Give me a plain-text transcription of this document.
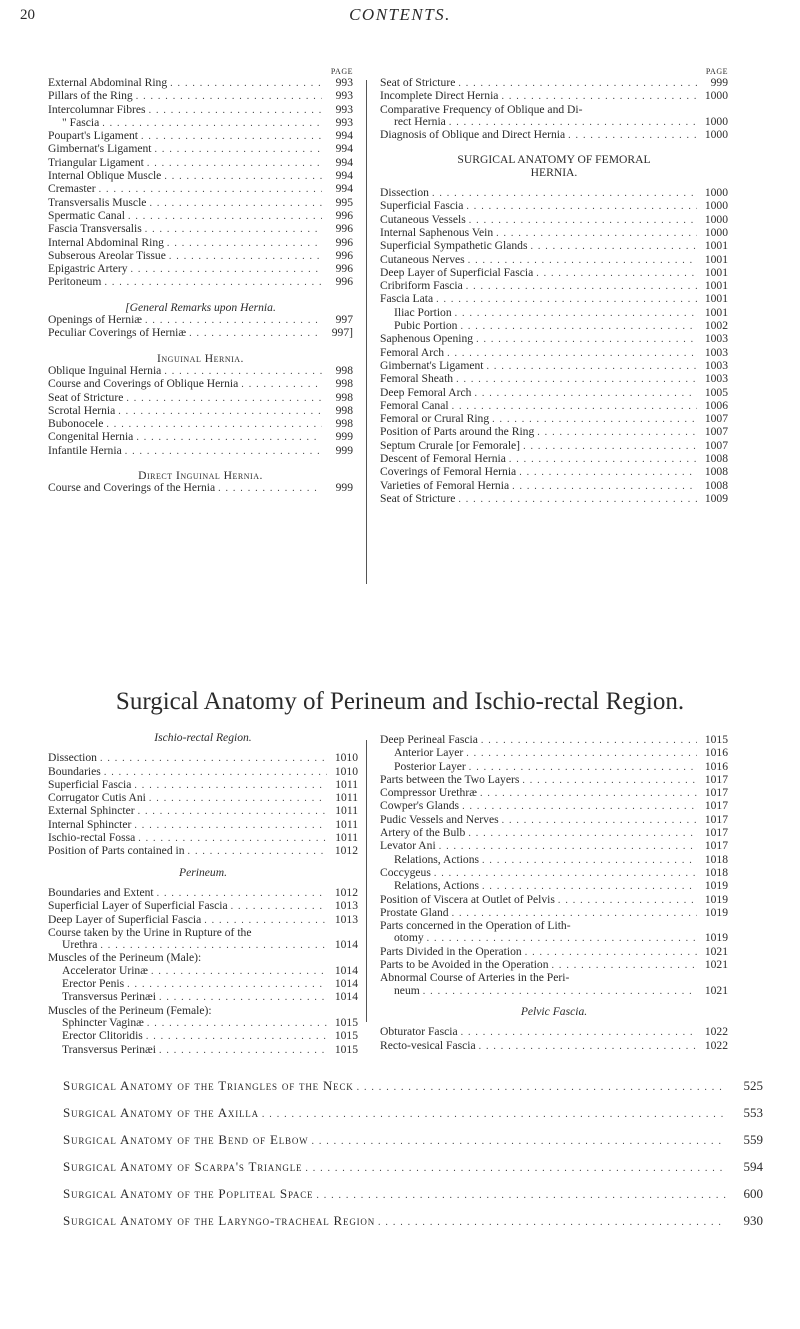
20	CONTENTS.
PAGE
External Abdominal Ring . . .	993
Pillars of the Ring . . .	993
Intercolumnar Fibres . . .	993
" Fascia . . .	993
Poupart's Ligament . . .	994
Gimbernat's Ligament . . .	994
Triangular Ligament . . .	994
Internal Oblique Muscle . . .	994
Cremaster . . .	994
Transversalis Muscle . . .	995
Spermatic Canal . . .	996
Fascia Transversalis . . .	996
Internal Abdominal Ring . . .	996
Subserous Areolar Tissue . . .	996
Epigastric Artery . . .	996
Peritoneum . . .	996
[General Remarks upon Hernia.
Openings of Herniæ . . .	997
Peculiar Coverings of Herniæ . . .	997]
Inguinal Hernia.
Oblique Inguinal Hernia . . .	998
Course and Coverings of Oblique Hernia . . .	998
Seat of Stricture . . .	998
Scrotal Hernia . . .	998
Bubonocele . . .	998
Congenital Hernia . . .	999
Infantile Hernia . . .	999
Direct Inguinal Hernia.
Course and Coverings of the Hernia . . .	999
PAGE
Seat of Stricture . . .	999
Incomplete Direct Hernia . . .	1000
Comparative Frequency of Oblique and Di-
rect Hernia . . .	1000
Diagnosis of Oblique and Direct Hernia . . .	1000
SURGICAL ANATOMY OF FEMORAL
HERNIA.
Dissection . . .	1000
Superficial Fascia . . .	1000
Cutaneous Vessels . . .	1000
Internal Saphenous Vein . . .	1000
Superficial Sympathetic Glands . . .	1001
Cutaneous Nerves . . .	1001
Deep Layer of Superficial Fascia . . .	1001
Cribriform Fascia . . .	1001
Fascia Lata . . .	1001
Iliac Portion . . .	1001
Pubic Portion . . .	1002
Saphenous Opening . . .	1003
Femoral Arch . . .	1003
Gimbernat's Ligament . . .	1003
Femoral Sheath . . .	1003
Deep Femoral Arch . . .	1005
Femoral Canal . . .	1006
Femoral or Crural Ring . . .	1007
Position of Parts around the Ring . . .	1007
Septum Crurale [or Femorale] . . .	1007
Descent of Femoral Hernia . . .	1008
Coverings of Femoral Hernia . . .	1008
Varieties of Femoral Hernia . . .	1008
Seat of Stricture . . .	1009
Surgical Anatomy of Perineum and Ischio-rectal Region.
Ischio-rectal Region.
Dissection . . .	1010
Boundaries . . .	1010
Superficial Fascia . . .	1011
Corrugator Cutis Ani . . .	1011
External Sphincter . . .	1011
Internal Sphincter . . .	1011
Ischio-rectal Fossa . . .	1011
Position of Parts contained in . . .	1012
Perineum.
Boundaries and Extent . . .	1012
Superficial Layer of Superficial Fascia . . .	1013
Deep Layer of Superficial Fascia . . .	1013
Course taken by the Urine in Rupture of the
Urethra . . .	1014
Muscles of the Perineum (Male):
Accelerator Urinæ . . .	1014
Erector Penis . . .	1014
Transversus Perinæi . . .	1014
Muscles of the Perineum (Female):
Sphincter Vaginæ . . .	1015
Erector Clitoridis . . .	1015
Transversus Perinæi . . .	1015
Deep Perineal Fascia . . .	1015
Anterior Layer . . .	1016
Posterior Layer . . .	1016
Parts between the Two Layers . . .	1017
Compressor Urethræ . . .	1017
Cowper's Glands . . .	1017
Pudic Vessels and Nerves . . .	1017
Artery of the Bulb . . .	1017
Levator Ani . . .	1017
Relations, Actions . . .	1018
Coccygeus . . .	1018
Relations, Actions . . .	1019
Position of Viscera at Outlet of Pelvis . . .	1019
Prostate Gland . . .	1019
Parts concerned in the Operation of Lith-
otomy . . .	1019
Parts Divided in the Operation . . .	1021
Parts to be Avoided in the Operation . . .	1021
Abnormal Course of Arteries in the Peri-
neum . . .	1021
Pelvic Fascia.
Obturator Fascia . . .	1022
Recto-vesical Fascia . . .	1022
Surgical Anatomy of the Triangles of the Neck . . .	525
Surgical Anatomy of the Axilla . . .	553
Surgical Anatomy of the Bend of Elbow . . .	559
Surgical Anatomy of Scarpa's Triangle . . .	594
Surgical Anatomy of the Popliteal Space . . .	600
Surgical Anatomy of the Laryngo-tracheal Region . . .	930
